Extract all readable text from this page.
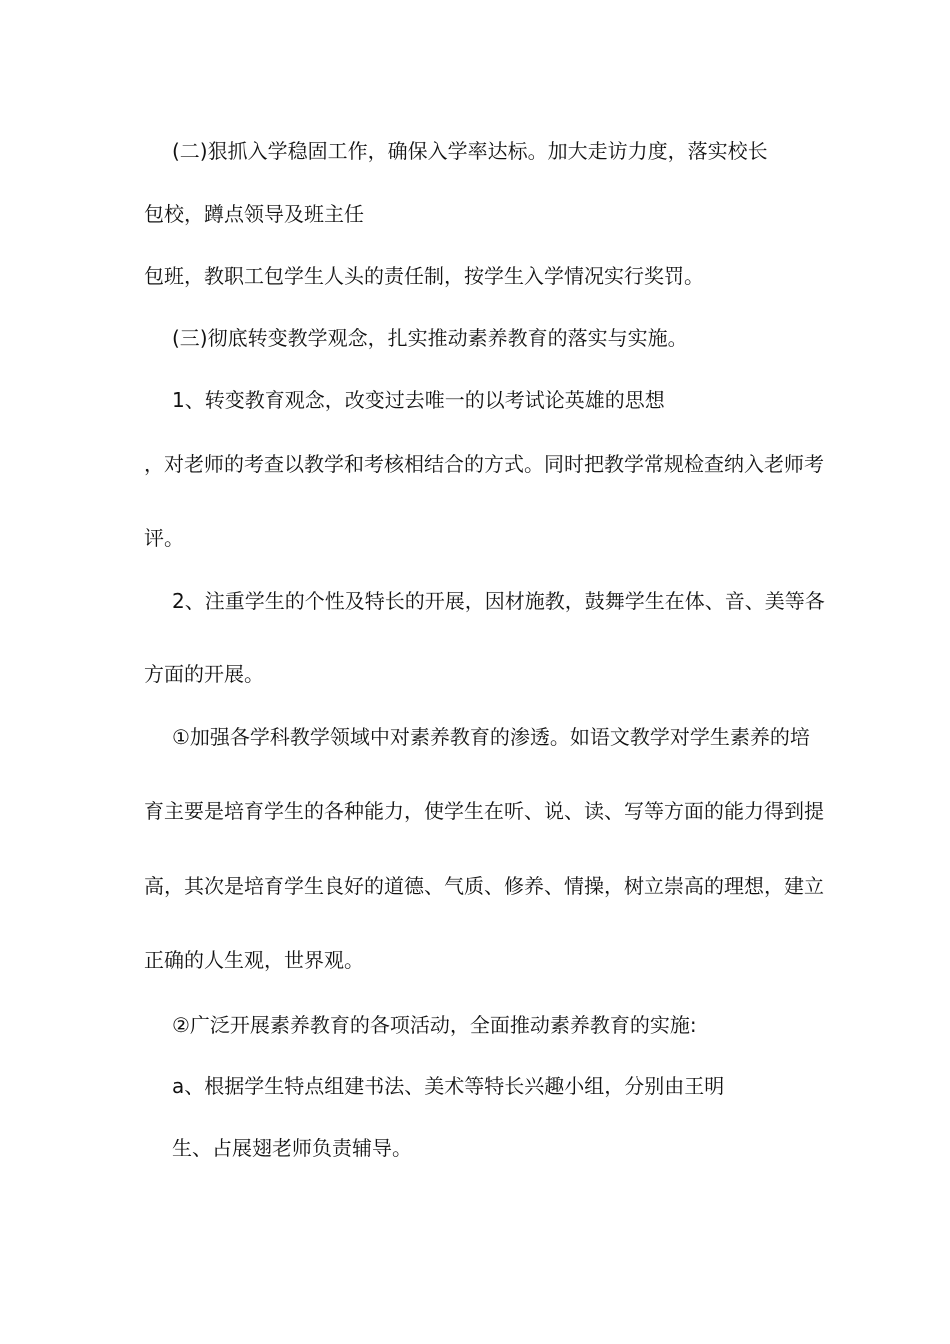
(二)狠抓入学稳固工作，确保入学率达标。加大走访力度，落实校长
包校，蹲点领导及班主任
包班，教职工包学生人头的责任制，按学生入学情况实行奖罚。
(三)彻底转变教学观念，扎实推动素养教育的落实与实施。
1、转变教育观念，改变过去唯一的以考试论英雄的思想
，对老师的考查以教学和考核相结合的方式。同时把教学常规检查纳入老师考
评。
2、注重学生的个性及特长的开展，因材施教，鼓舞学生在体、音、美等各
方面的开展。
①加强各学科教学领域中对素养教育的渗透。如语文教学对学生素养的培
育主要是培育学生的各种能力，使学生在听、说、读、写等方面的能力得到提
高，其次是培育学生良好的道德、气质、修养、情操，树立崇高的理想，建立
正确的人生观，世界观。
②广泛开展素养教育的各项活动，全面推动素养教育的实施:
a、根据学生特点组建书法、美术等特长兴趣小组，分别由王明
生、占展翅老师负责辅导。
